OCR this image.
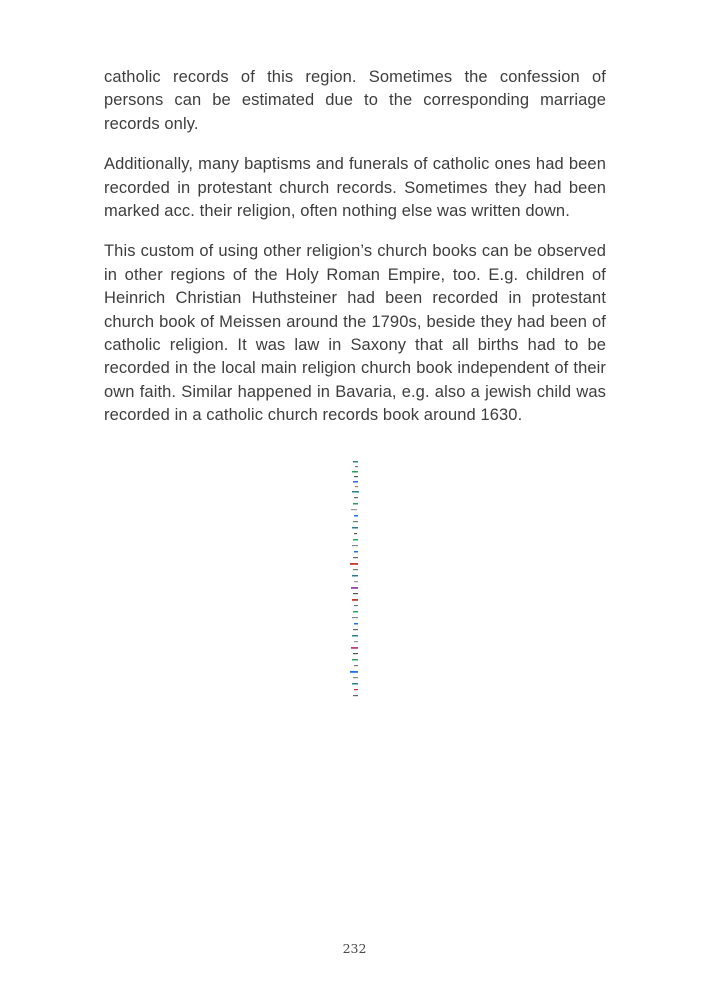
catholic records of this region. Sometimes the confession of persons can be estimated due to the corresponding marriage records only.

Additionally, many baptisms and funerals of catholic ones had been recorded in protestant church records. Sometimes they had been marked acc. their religion, often nothing else was written down.

This custom of using other religion’s church books can be observed in other regions of the Holy Roman Empire, too. E.g. children of Heinrich Christian Huthsteiner had been recorded in protestant church book of Meissen around the 1790s, beside they had been of catholic religion. It was law in Saxony that all births had to be recorded in the local main religion church book independent of their own faith. Similar happened in Bavaria, e.g. also a jewish child was recorded in a catholic church records book around 1630.

232
